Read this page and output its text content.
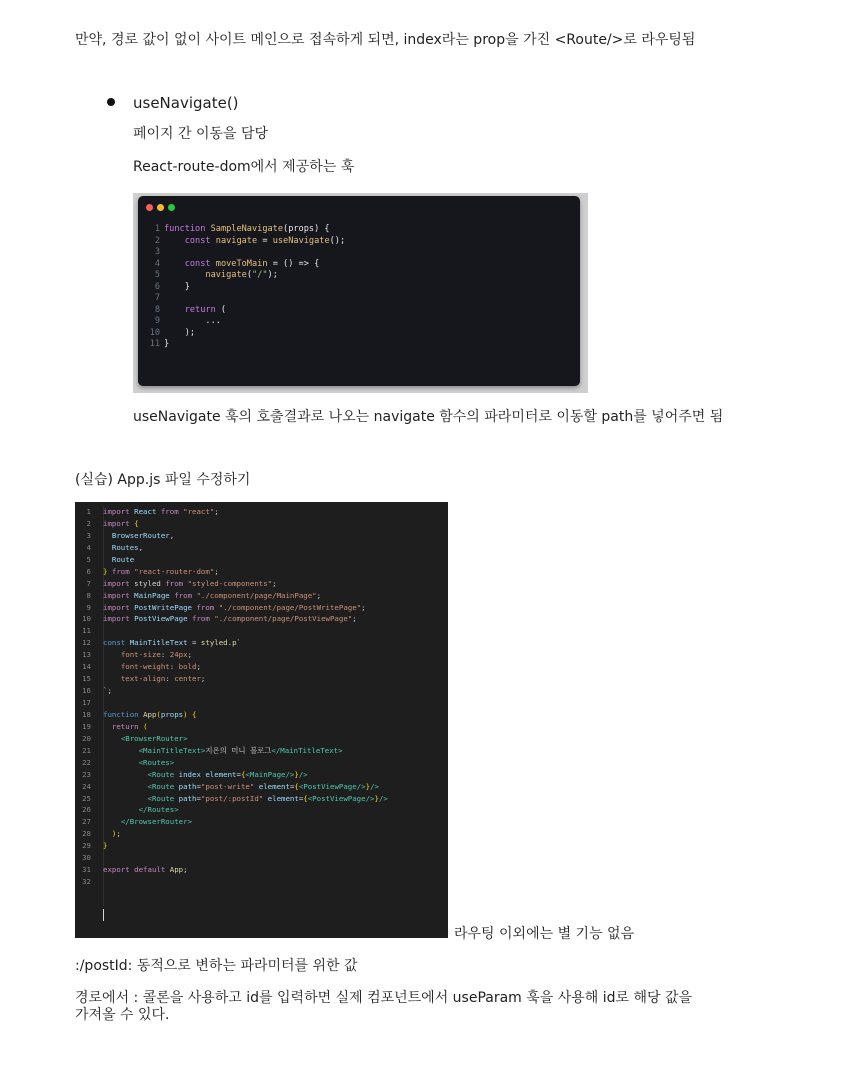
만약, 경로 값이 없이 사이트 메인으로 접속하게 되면, index라는 prop을 가진 <Route/>로 라우팅됨
useNavigate()
페이지 간 이동을 담당
React-route-dom에서 제공하는 훅
1 function SampleNavigate(props) {
2	const navigate = useNavigate();
3
4	const moveToMain = () => {
5	navigate("/");
6 }
7
8	return (
9 ...
10 );
11 }
useNavigate 훅의 호출결과로 나오는 navigate 함수의 파라미터로 이동할 path를 넣어주면 됨
(실습) App.js 파일 수정하기
1	import React from "react";
2	import {
3	BrowserRouter,
4	Routes,
5	Route
6	} from "react-router-dom";
7	import styled from "styled-components";
8	import MainPage from "./component/page/MainPage";
9	import PostWritePage from "./component/page/PostWritePage";
10	import PostViewPage from "./component/page/PostViewPage";
11
12	const MainTitleText = styled.p`
13	font-size: 24px;
14	font-weight: bold;
15	text-align: center;
16	`;
17
18	function App(props) {
19	return (
20	<BrowserRouter>
21	<MainTitleText>지온의 미니 블로그</MainTitleText>
22	<Routes>
23	<Route index element={<MainPage/>}/>
24	<Route path="post-write" element={<PostViewPage/>}/>
25	<Route path="post/:postId" element={<PostViewPage/>}/>
26	</Routes>
27	</BrowserRouter>
28	);
29	}
30
31	export default App;
32
라우팅 이외에는 별 기능 없음
:/postId: 동적으로 변하는 파라미터를 위한 값
경로에서 : 콜론을 사용하고 id를 입력하면 실제 컴포넌트에서 useParam 훅을 사용해 id로 해당 값을
가져올 수 있다.
